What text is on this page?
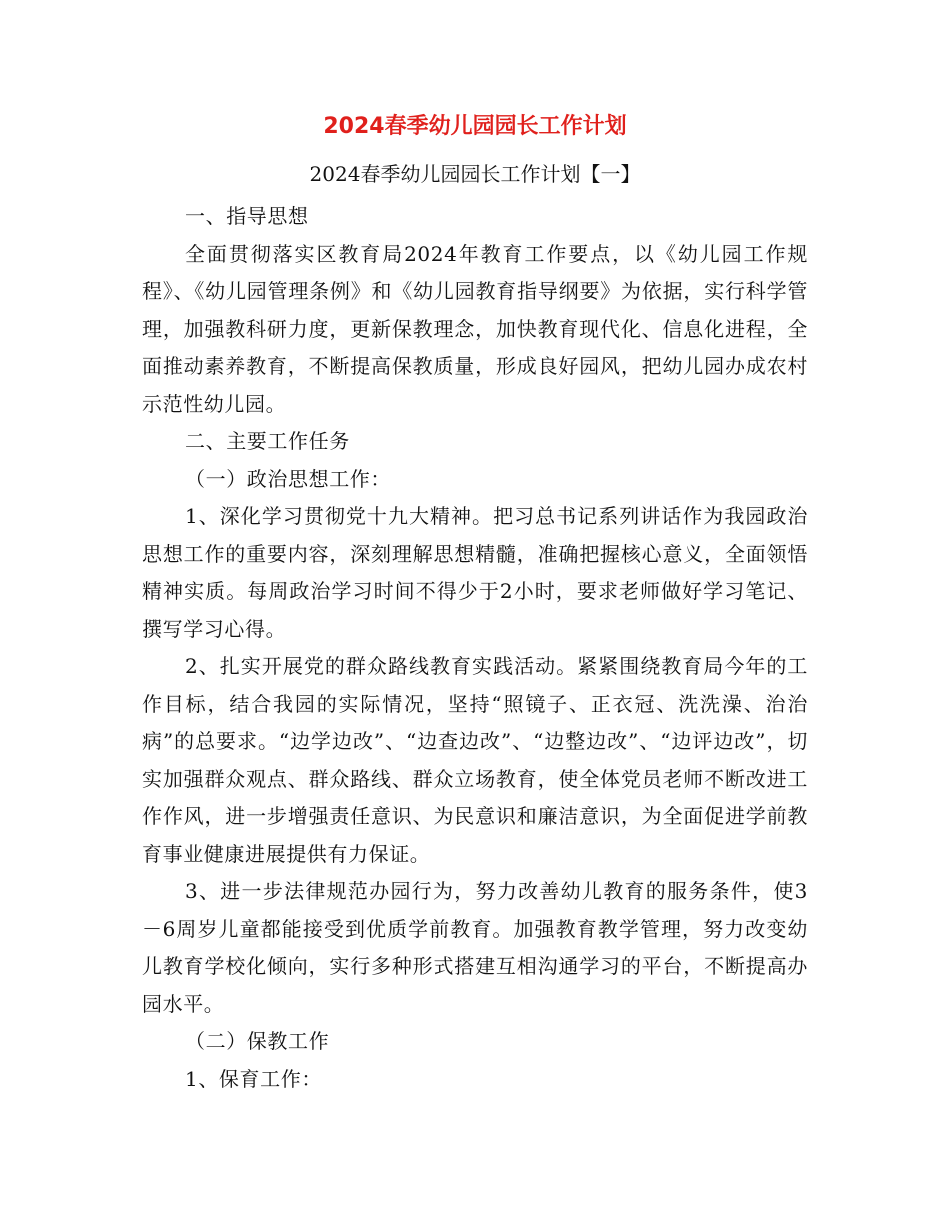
2024春季幼儿园园长工作计划
2024春季幼儿园园长工作计划【一】

一、指导思想

全面贯彻落实区教育局2024年教育工作要点，以《幼儿园工作规程》、《幼儿园管理条例》和《幼儿园教育指导纲要》为依据，实行科学管理，加强教科研力度，更新保教理念，加快教育现代化、信息化进程，全面推动素养教育，不断提高保教质量，形成良好园风，把幼儿园办成农村示范性幼儿园。

二、主要工作任务

（一）政治思想工作：

1、深化学习贯彻党十九大精神。把习总书记系列讲话作为我园政治思想工作的重要内容，深刻理解思想精髓，准确把握核心意义，全面领悟精神实质。每周政治学习时间不得少于2小时，要求老师做好学习笔记、撰写学习心得。

2、扎实开展党的群众路线教育实践活动。紧紧围绕教育局今年的工作目标，结合我园的实际情况，坚持“照镜子、正衣冠、洗洗澡、治治病”的总要求。“边学边改”、“边查边改”、“边整边改”、“边评边改”，切实加强群众观点、群众路线、群众立场教育，使全体党员老师不断改进工作作风，进一步增强责任意识、为民意识和廉洁意识，为全面促进学前教育事业健康进展提供有力保证。

3、进一步法律规范办园行为，努力改善幼儿教育的服务条件，使3－6周岁儿童都能接受到优质学前教育。加强教育教学管理，努力改变幼儿教育学校化倾向，实行多种形式搭建互相沟通学习的平台，不断提高办园水平。

（二）保教工作

1、保育工作：
